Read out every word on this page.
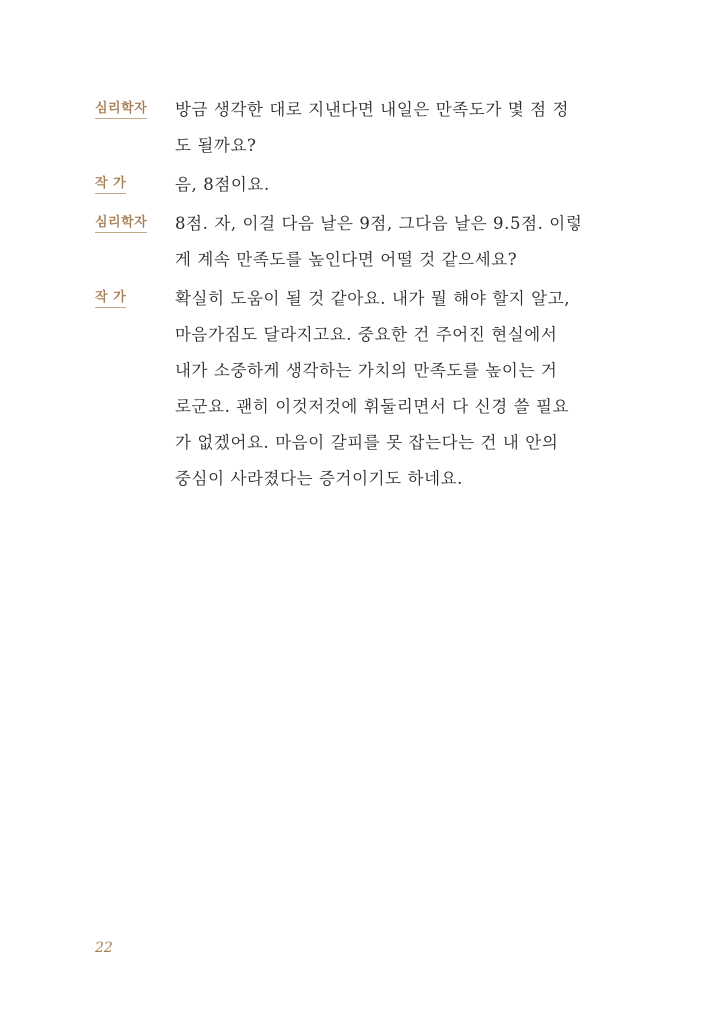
심리학자	방금 생각한 대로 지낸다면 내일은 만족도가 몇 점 정
도 될까요?
작 가	음, 8점이요.
심리학자	8점. 자, 이걸 다음 날은 9점, 그다음 날은 9.5점. 이렇
게 계속 만족도를 높인다면 어떨 것 같으세요?
작 가	확실히 도움이 될 것 같아요. 내가 뭘 해야 할지 알고,
마음가짐도 달라지고요. 중요한 건 주어진 현실에서
내가 소중하게 생각하는 가치의 만족도를 높이는 거
로군요. 괜히 이것저것에 휘둘리면서 다 신경 쓸 필요
가 없겠어요. 마음이 갈피를 못 잡는다는 건 내 안의
중심이 사라졌다는 증거이기도 하네요.
22
